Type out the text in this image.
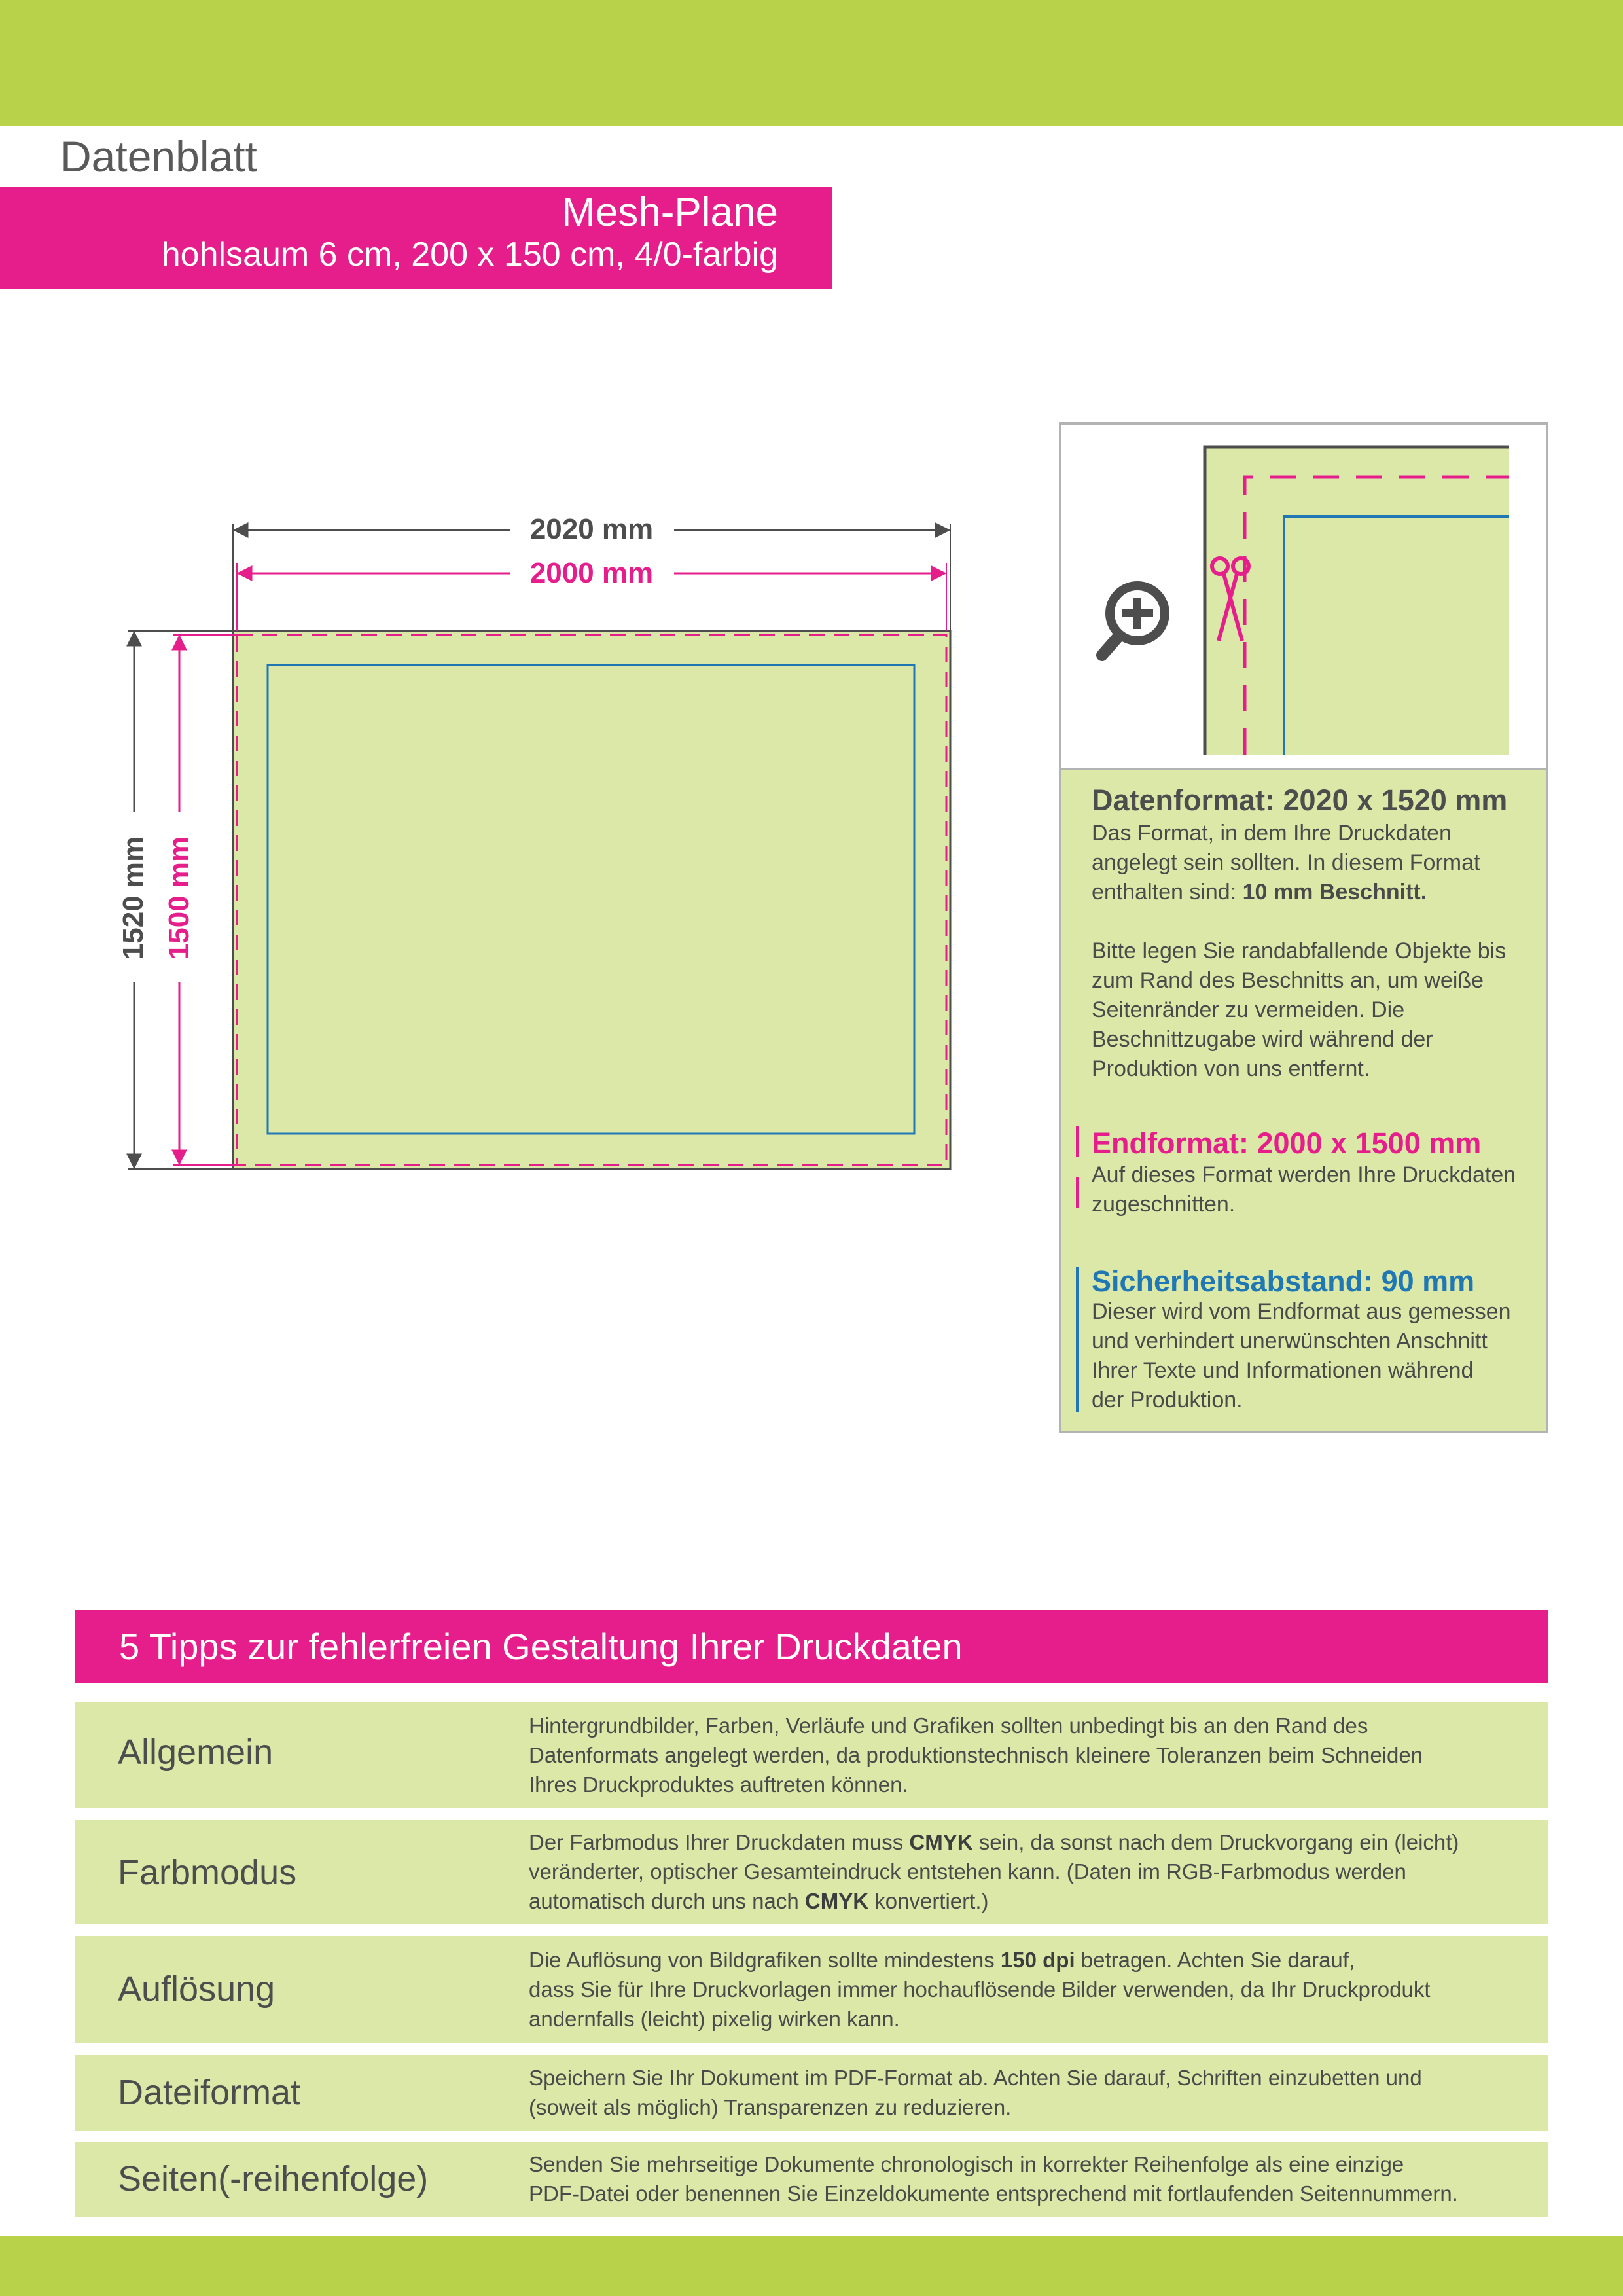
Datenblatt
Mesh-Plane
hohlsaum 6 cm, 200 x 150 cm, 4/0-farbig
2020 mm
2000 mm
1520 mm 1500 mm
Datenformat: 2020 x 1520 mm

Das Format, in dem Ihre Druckdaten

angelegt sein sollten. In diesem Format

enthalten sind: 10 mm Beschnitt.

Bitte legen Sie randabfallende Objekte bis

zum Rand des Beschnitts an, um weiße

Seitenränder zu vermeiden. Die

Beschnittzugabe wird während der

Produktion von uns entfernt.

Endformat: 2000 x 1500 mm

Auf dieses Format werden Ihre Druckdaten

zugeschnitten.

Sicherheitsabstand: 90 mm

Dieser wird vom Endformat aus gemessen

und verhindert unerwünschten Anschnitt

Ihrer Texte und Informationen während

der Produktion.

5 Tipps zur fehlerfreien Gestaltung Ihrer Druckdaten
Allgemein

Hintergrundbilder, Farben, Verläufe und Grafiken sollten unbedingt bis an den Rand des

Datenformats angelegt werden, da produktionstechnisch kleinere Toleranzen beim Schneiden

Ihres Druckproduktes auftreten können.

Farbmodus

Der Farbmodus Ihrer Druckdaten muss CMYK sein, da sonst nach dem Druckvorgang ein (leicht)

veränderter, optischer Gesamteindruck entstehen kann. (Daten im RGB-Farbmodus werden

automatisch durch uns nach CMYK konvertiert.)

Auflösung

Die Auflösung von Bildgrafiken sollte mindestens 150 dpi betragen. Achten Sie darauf,

dass Sie für Ihre Druckvorlagen immer hochauflösende Bilder verwenden, da Ihr Druckprodukt

andernfalls (leicht) pixelig wirken kann.

Dateiformat	Speichern Sie Ihr Dokument im PDF-Format ab. Achten Sie darauf, Schriften einzubetten und

(soweit als möglich) Transparenzen zu reduzieren.

Seiten(-reihenfolge)	Senden Sie mehrseitige Dokumente chronologisch in korrekter Reihenfolge als eine einzige

PDF-Datei oder benennen Sie Einzeldokumente entsprechend mit fortlaufenden Seitennummern.
